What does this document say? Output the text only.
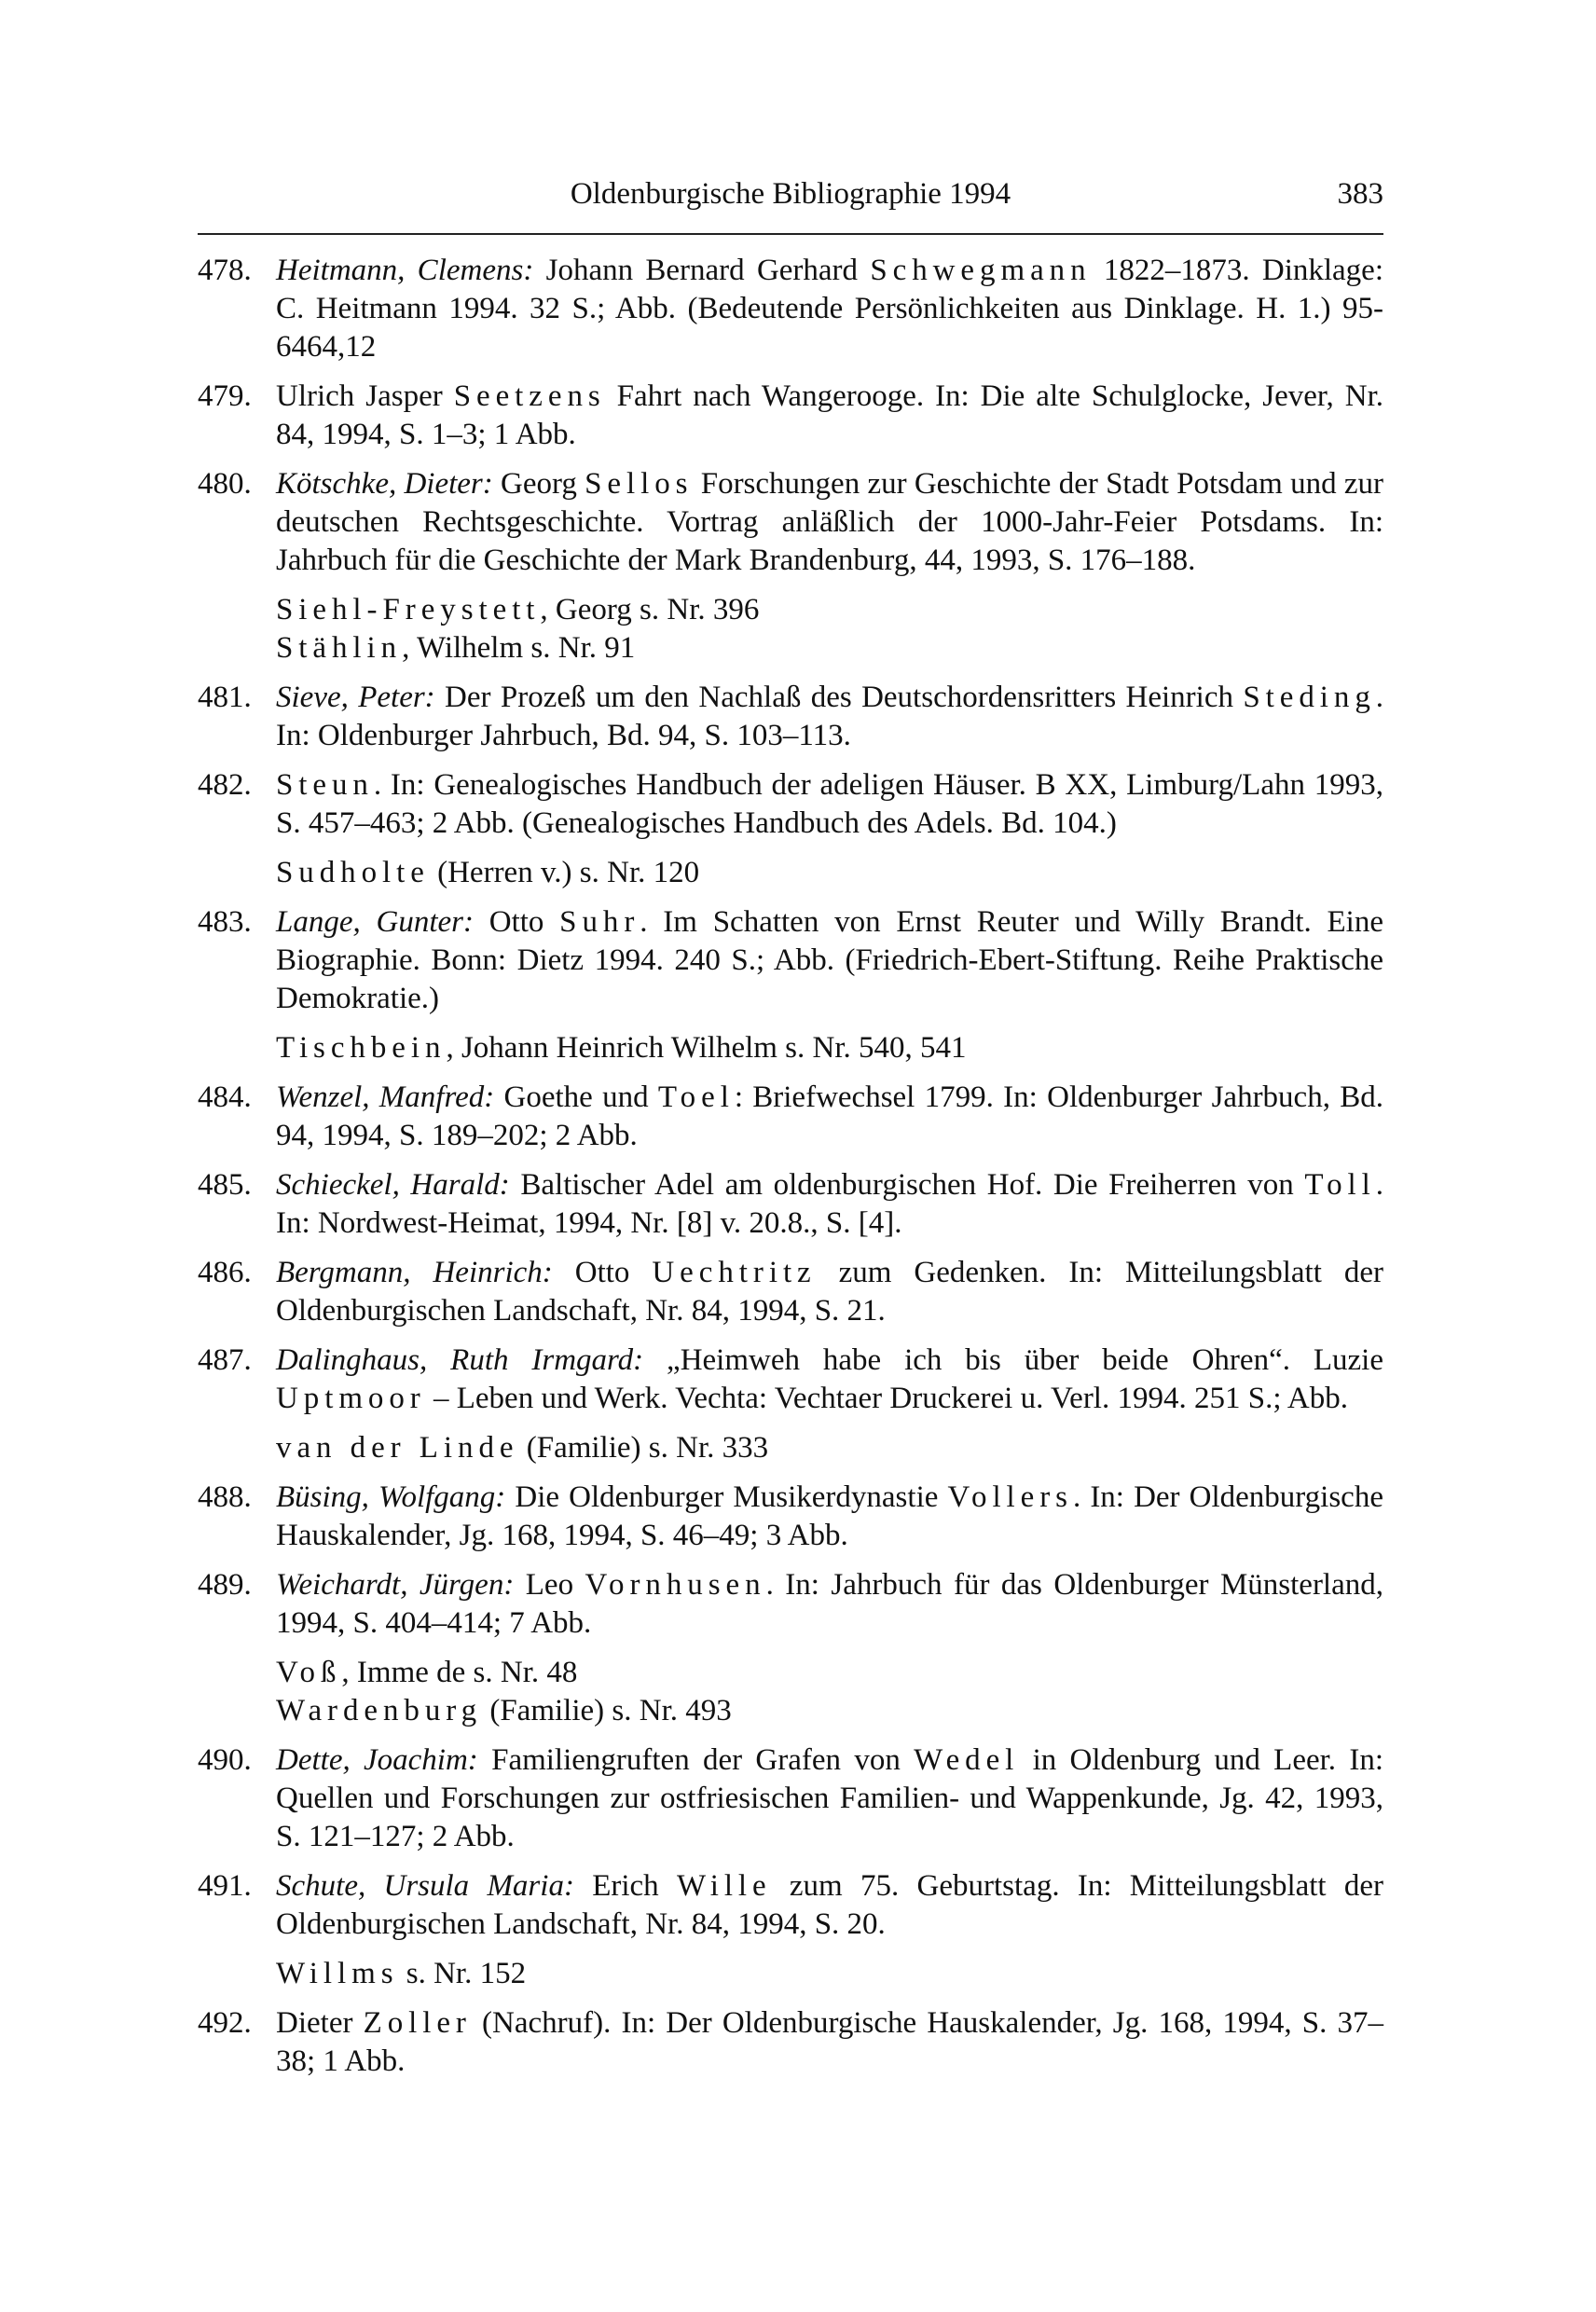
Oldenburgische Bibliographie 1994	383
478. Heitmann, Clemens: Johann Bernard Gerhard Schwegmann 1822–1873. Dinklage: C. Heitmann 1994. 32 S.; Abb. (Bedeutende Persönlichkeiten aus Dinklage. H. 1.) 95-6464,12
479. Ulrich Jasper Seetzens Fahrt nach Wangerooge. In: Die alte Schulglocke, Jever, Nr. 84, 1994, S. 1–3; 1 Abb.
480. Kötschke, Dieter: Georg Sellos Forschungen zur Geschichte der Stadt Potsdam und zur deutschen Rechtsgeschichte. Vortrag anläßlich der 1000-Jahr-Feier Potsdams. In: Jahrbuch für die Geschichte der Mark Brandenburg, 44, 1993, S. 176–188.
Siehl-Freystett, Georg s. Nr. 396
Stählin, Wilhelm s. Nr. 91
481. Sieve, Peter: Der Prozeß um den Nachlaß des Deutschordensritters Heinrich Steding. In: Oldenburger Jahrbuch, Bd. 94, S. 103–113.
482. Steun. In: Genealogisches Handbuch der adeligen Häuser. B XX, Limburg/Lahn 1993, S. 457–463; 2 Abb. (Genealogisches Handbuch des Adels. Bd. 104.)
Sudholte (Herren v.) s. Nr. 120
483. Lange, Gunter: Otto Suhr. Im Schatten von Ernst Reuter und Willy Brandt. Eine Biographie. Bonn: Dietz 1994. 240 S.; Abb. (Friedrich-Ebert-Stiftung. Reihe Praktische Demokratie.)
Tischbein, Johann Heinrich Wilhelm s. Nr. 540, 541
484. Wenzel, Manfred: Goethe und Toel: Briefwechsel 1799. In: Oldenburger Jahrbuch, Bd. 94, 1994, S. 189–202; 2 Abb.
485. Schieckel, Harald: Baltischer Adel am oldenburgischen Hof. Die Freiherren von Toll. In: Nordwest-Heimat, 1994, Nr. [8] v. 20.8., S. [4].
486. Bergmann, Heinrich: Otto Uechtritz zum Gedenken. In: Mitteilungsblatt der Oldenburgischen Landschaft, Nr. 84, 1994, S. 21.
487. Dalinghaus, Ruth Irmgard: „Heimweh habe ich bis über beide Ohren“. Luzie Uptmoor – Leben und Werk. Vechta: Vechtaer Druckerei u. Verl. 1994. 251 S.; Abb.
van der Linde (Familie) s. Nr. 333
488. Büsing, Wolfgang: Die Oldenburger Musikerdynastie Vollers. In: Der Oldenburgische Hauskalender, Jg. 168, 1994, S. 46–49; 3 Abb.
489. Weichardt, Jürgen: Leo Vornhusen. In: Jahrbuch für das Oldenburger Münsterland, 1994, S. 404–414; 7 Abb.
Voß, Imme de s. Nr. 48
Wardenburg (Familie) s. Nr. 493
490. Dette, Joachim: Familiengruften der Grafen von Wedel in Oldenburg und Leer. In: Quellen und Forschungen zur ostfriesischen Familien- und Wappenkunde, Jg. 42, 1993, S. 121–127; 2 Abb.
491. Schute, Ursula Maria: Erich Wille zum 75. Geburtstag. In: Mitteilungsblatt der Oldenburgischen Landschaft, Nr. 84, 1994, S. 20.
Willms s. Nr. 152
492. Dieter Zoller (Nachruf). In: Der Oldenburgische Hauskalender, Jg. 168, 1994, S. 37–38; 1 Abb.
